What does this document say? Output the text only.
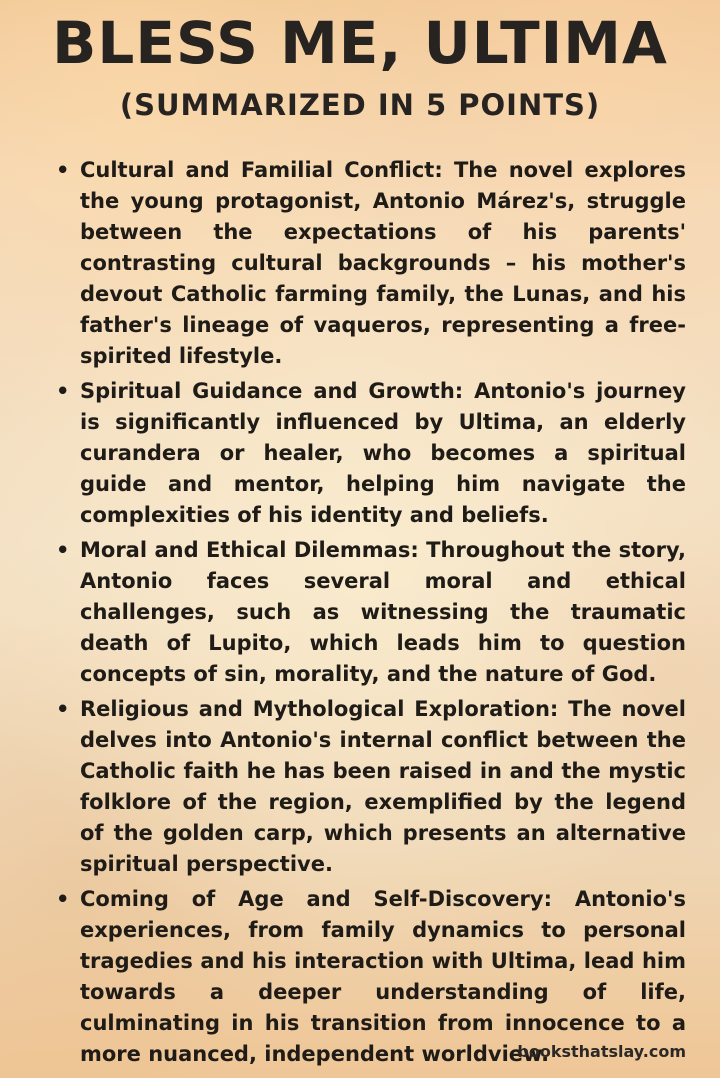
BLESS ME, ULTIMA
(SUMMARIZED IN 5 POINTS)
• Cultural and Familial Conflict: The novel explores the young protagonist, Antonio Márez's, struggle between the expectations of his parents' contrasting cultural backgrounds – his mother's devout Catholic farming family, the Lunas, and his father's lineage of vaqueros, representing a free-spirited lifestyle.
• Spiritual Guidance and Growth: Antonio's journey is significantly influenced by Ultima, an elderly curandera or healer, who becomes a spiritual guide and mentor, helping him navigate the complexities of his identity and beliefs.
• Moral and Ethical Dilemmas: Throughout the story, Antonio faces several moral and ethical challenges, such as witnessing the traumatic death of Lupito, which leads him to question concepts of sin, morality, and the nature of God.
• Religious and Mythological Exploration: The novel delves into Antonio's internal conflict between the Catholic faith he has been raised in and the mystic folklore of the region, exemplified by the legend of the golden carp, which presents an alternative spiritual perspective.
• Coming of Age and Self-Discovery: Antonio's experiences, from family dynamics to personal tragedies and his interaction with Ultima, lead him towards a deeper understanding of life, culminating in his transition from innocence to a more nuanced, independent worldview.
booksthatslay.com
